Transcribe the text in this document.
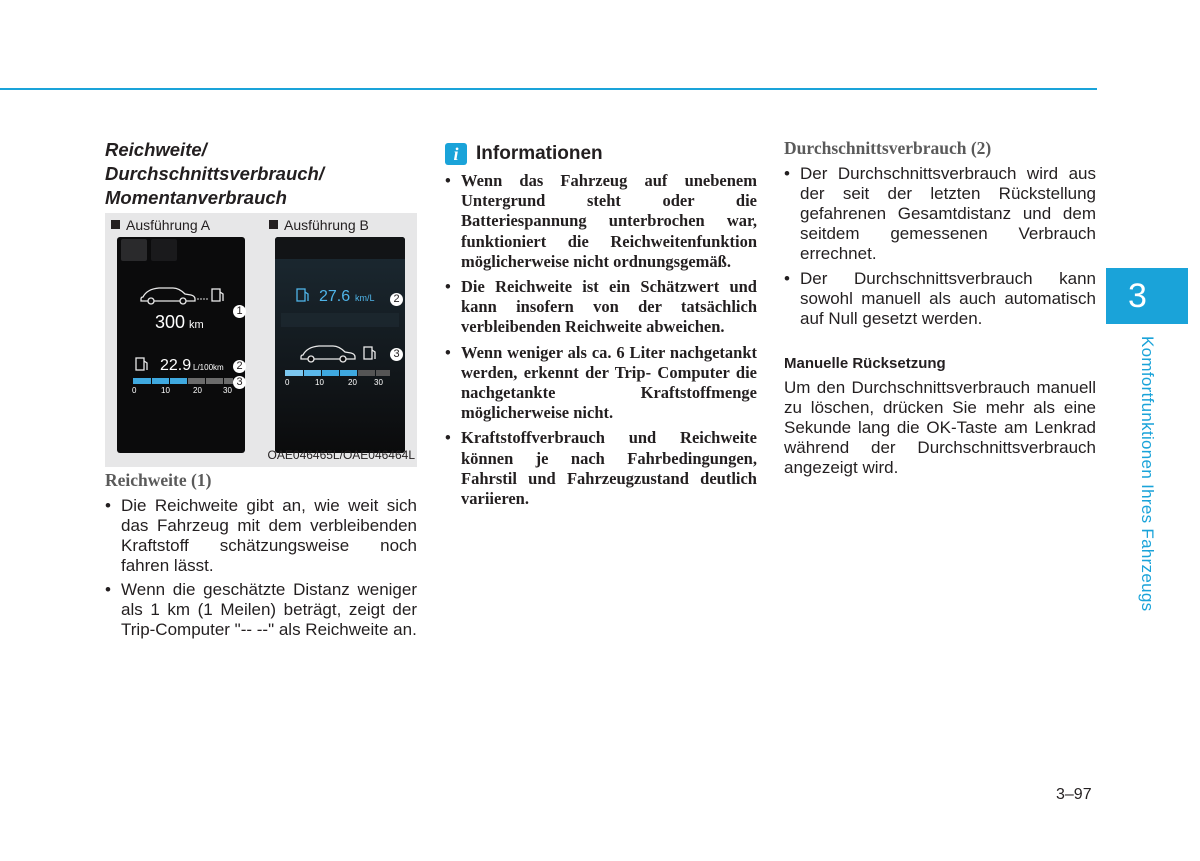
Reichweite/
Durchschnittsverbrauch/
Momentanverbrauch
Ausführung A	Ausführung B
300 km
22.9 L/100km
0	10	20	30
1
2
3
27.6 km/L
0	10	20 30
2
3
OAE046465L/OAE046464L
Reichweite (1)
• Die Reichweite gibt an, wie weit sich das Fahrzeug mit dem verbleibenden Kraftstoff schätzungsweise noch fahren lässt.
• Wenn die geschätzte Distanz weniger als 1 km (1 Meilen) beträgt, zeigt der Trip-Computer "-- --" als Reichweite an.
i Informationen
• Wenn das Fahrzeug auf unebenem Untergrund steht oder die Batteriespannung unterbrochen war, funktioniert die Reichweitenfunktion möglicherweise nicht ordnungsgemäß.
• Die Reichweite ist ein Schätzwert und kann insofern von der tatsächlich verbleibenden Reichweite abweichen.
• Wenn weniger als ca. 6 Liter nachgetankt werden, erkennt der Trip- Computer die nachgetankte Kraftstoffmenge möglicherweise nicht.
• Kraftstoffverbrauch und Reichweite können je nach Fahrbedingungen, Fahrstil und Fahrzeugzustand deutlich variieren.
Durchschnittsverbrauch (2)
• Der Durchschnittsverbrauch wird aus der seit der letzten Rückstellung gefahrenen Gesamtdistanz und dem seitdem gemessenen Verbrauch errechnet.
• Der Durchschnittsverbrauch kann sowohl manuell als auch automatisch auf Null gesetzt werden.
Manuelle Rücksetzung

Um den Durchschnittsverbrauch manuell zu löschen, drücken Sie mehr als eine Sekunde lang die OK-Taste am Lenkrad während der Durchschnittsverbrauch angezeigt wird.

3
Komfortfunktionen Ihres Fahrzeugs
3–97
